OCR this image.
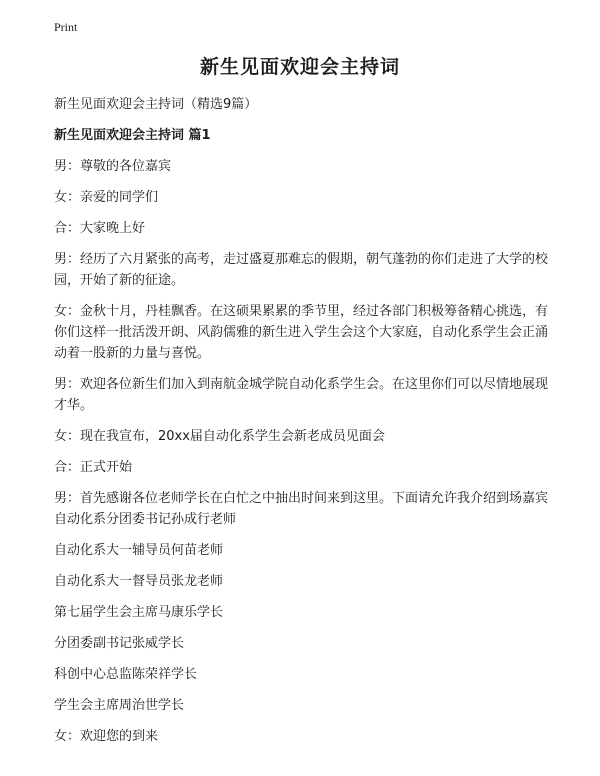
Print
新生见面欢迎会主持词

新生见面欢迎会主持词（精选9篇）

新生见面欢迎会主持词 篇1

男：尊敬的各位嘉宾

女：亲爱的同学们

合：大家晚上好

男：经历了六月紧张的高考，走过盛夏那难忘的假期，朝气蓬勃的你们走进了大学的校园，开始了新的征途。

女：金秋十月，丹桂飘香。在这硕果累累的季节里，经过各部门积极筹备精心挑选，有你们这样一批活泼开朗、风韵儒雅的新生进入学生会这个大家庭，自动化系学生会正涌动着一股新的力量与喜悦。

男：欢迎各位新生们加入到南航金城学院自动化系学生会。在这里你们可以尽情地展现才华。

女：现在我宣布，20xx届自动化系学生会新老成员见面会

合：正式开始

男：首先感谢各位老师学长在白忙之中抽出时间来到这里。下面请允许我介绍到场嘉宾自动化系分团委书记孙成行老师

自动化系大一辅导员何苗老师

自动化系大一督导员张龙老师

第七届学生会主席马康乐学长

分团委副书记张威学长

科创中心总监陈荣祥学长

学生会主席周治世学长

女：欢迎您的到来
